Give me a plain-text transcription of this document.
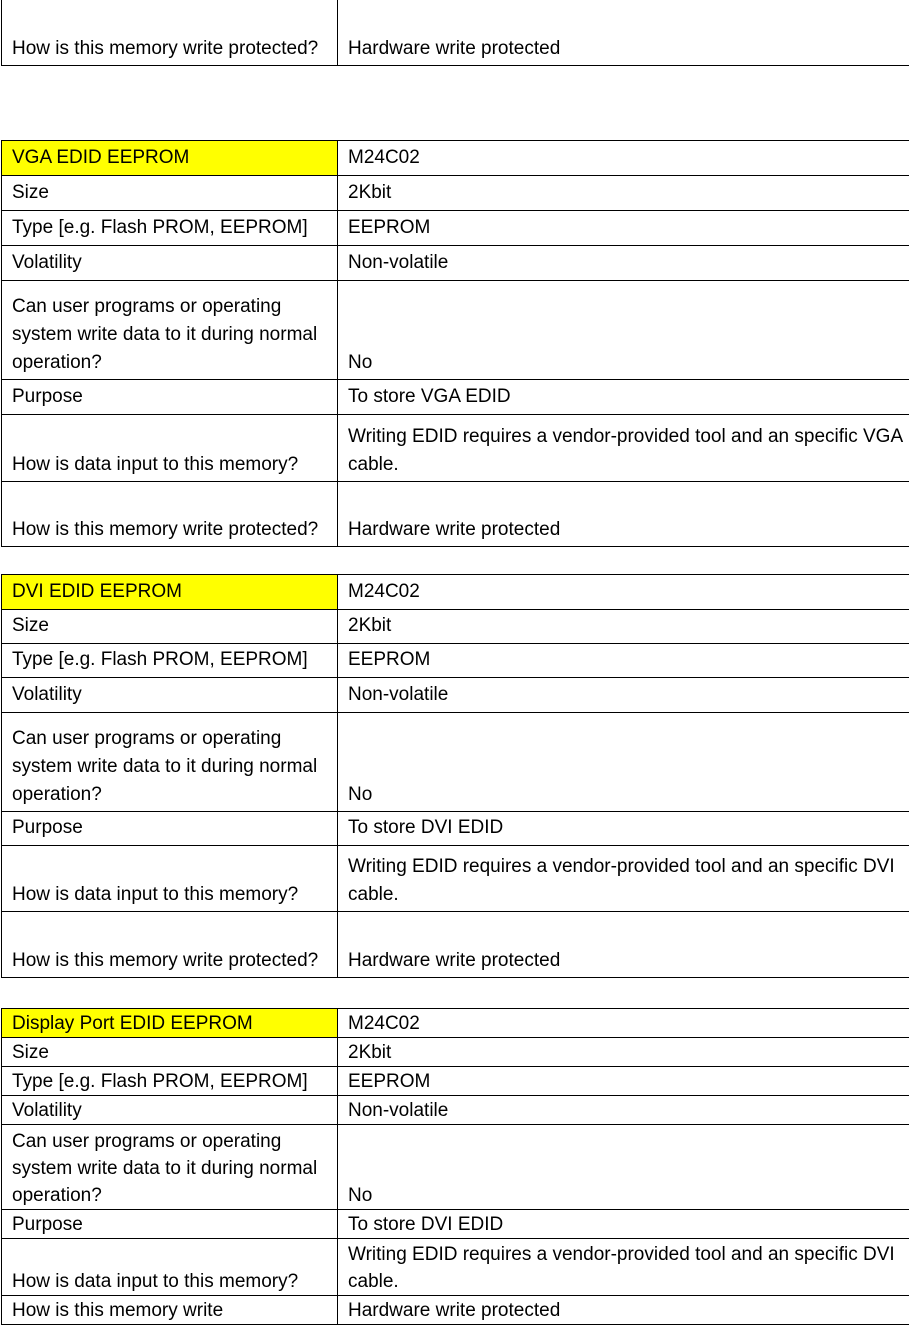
How is this memory write protected?	Hardware write protected
VGA EDID EEPROM	M24C02
Size	2Kbit
Type [e.g. Flash PROM, EEPROM]	EEPROM
Volatility	Non-volatile
Can user programs or operating system write data to it during normal operation?	No
Purpose	To store VGA EDID
How is data input to this memory?	Writing EDID requires a vendor-provided tool and an specific VGA cable.
How is this memory write protected?	Hardware write protected
DVI EDID EEPROM	M24C02
Size	2Kbit
Type [e.g. Flash PROM, EEPROM]	EEPROM
Volatility	Non-volatile
Can user programs or operating system write data to it during normal operation?	No
Purpose	To store DVI EDID
How is data input to this memory?	Writing EDID requires a vendor-provided tool and an specific DVI cable.
How is this memory write protected?	Hardware write protected
Display Port EDID EEPROM	M24C02
Size	2Kbit
Type [e.g. Flash PROM, EEPROM]	EEPROM
Volatility	Non-volatile
Can user programs or operating system write data to it during normal operation?	No
Purpose	To store DVI EDID
How is data input to this memory?	Writing EDID requires a vendor-provided tool and an specific DVI cable.
How is this memory write	Hardware write protected
